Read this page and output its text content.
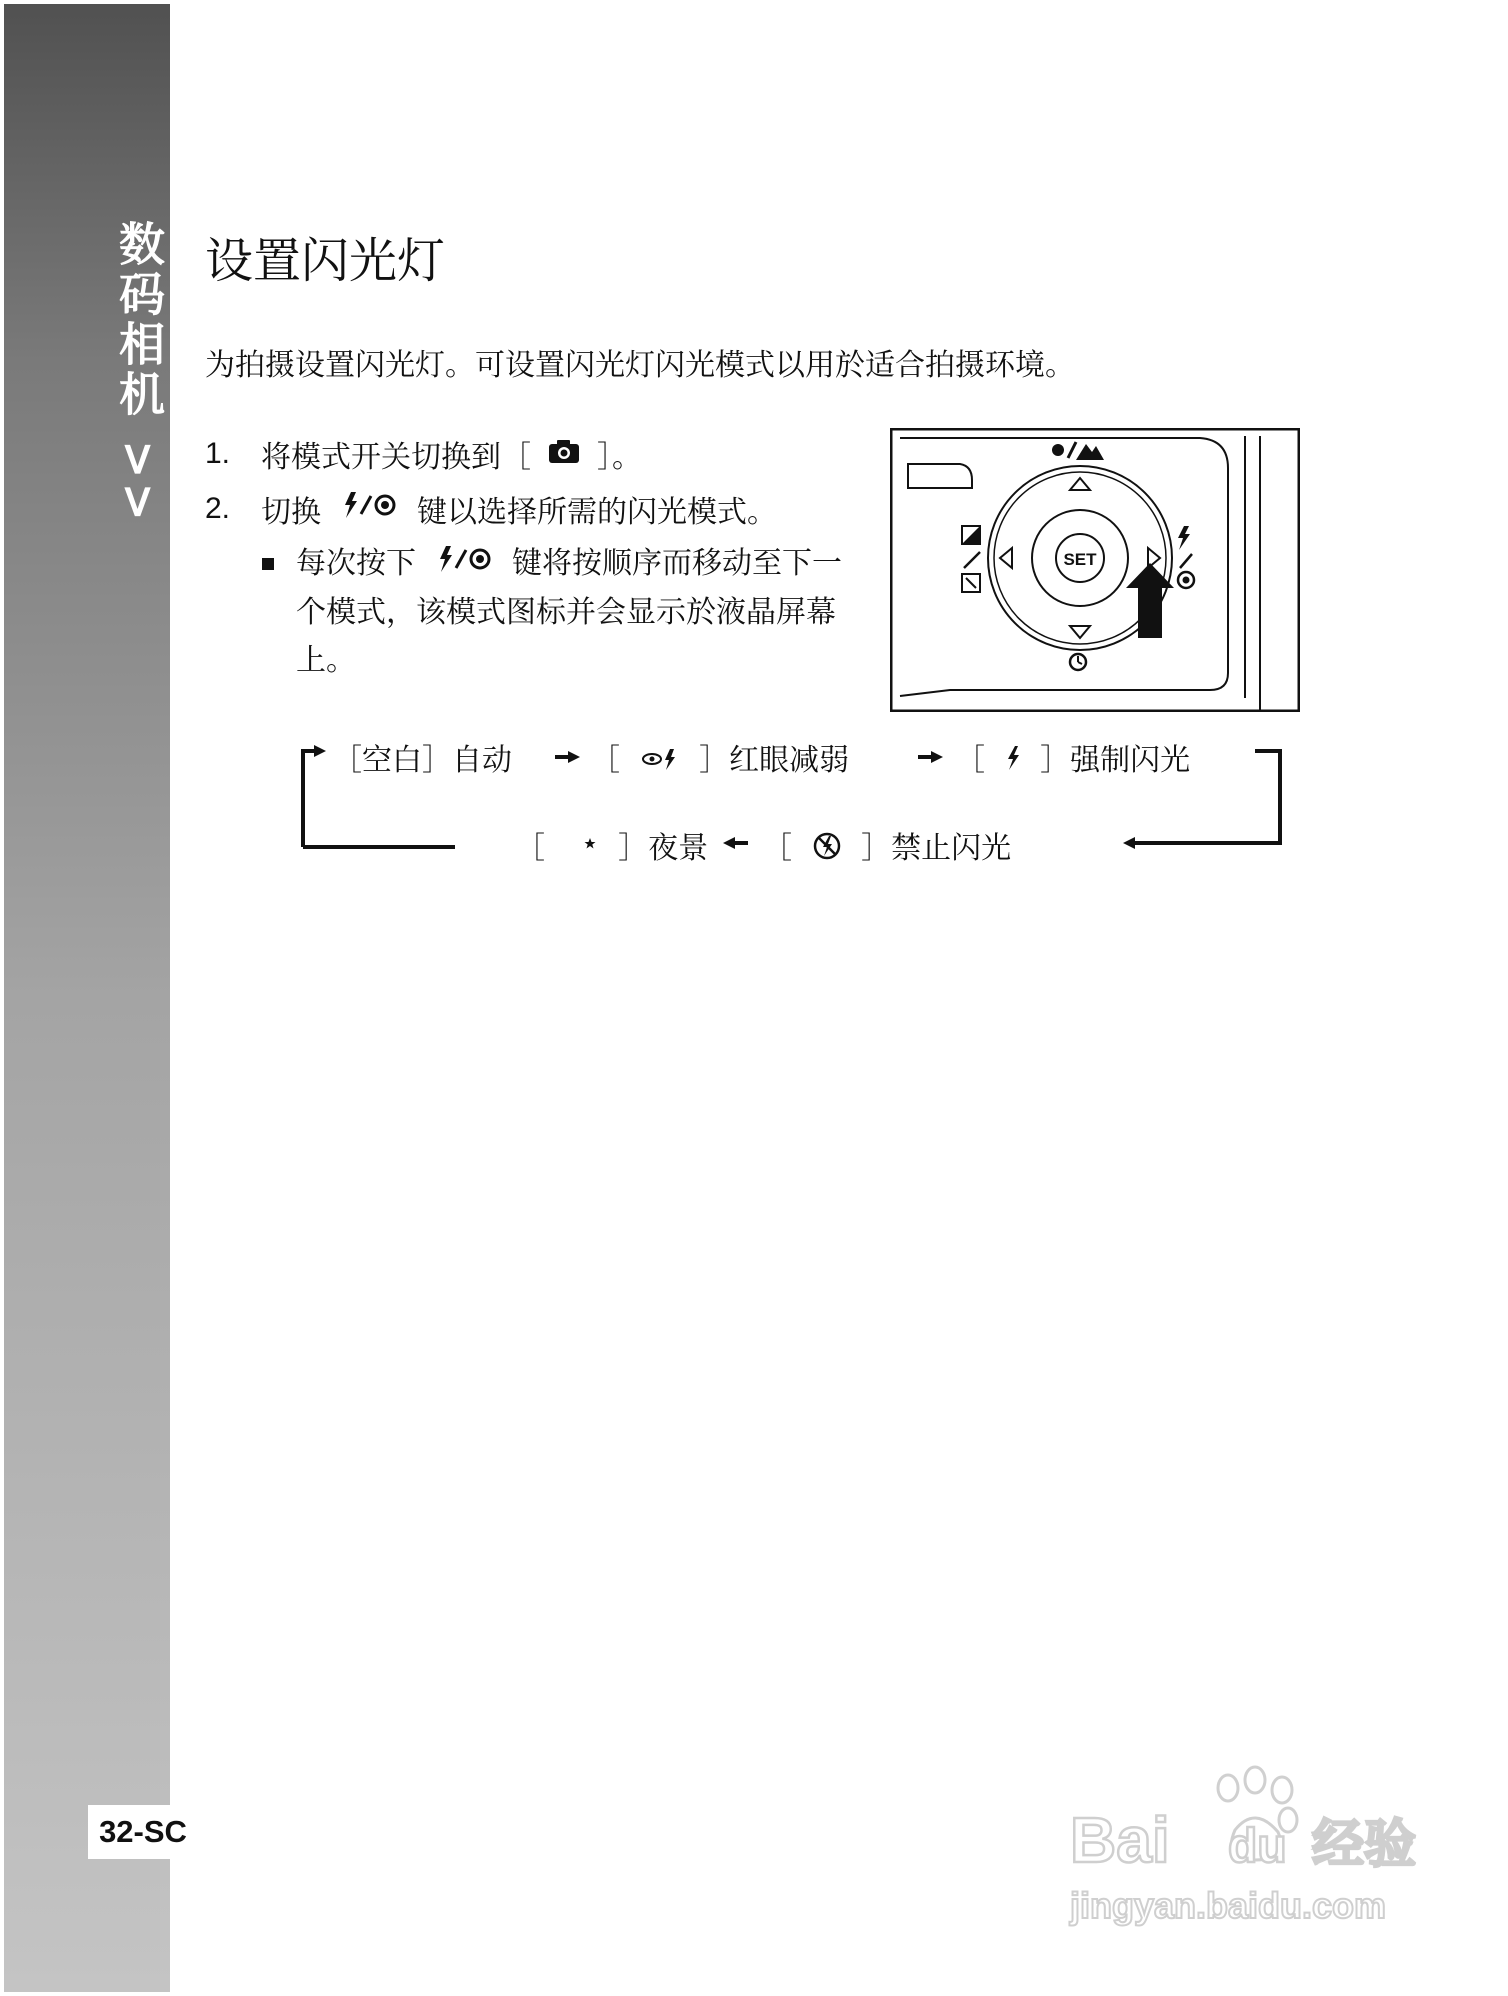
数码相机 >>
32-SC
设置闪光灯
为拍摄设置闪光灯。可设置闪光灯闪光模式以用於适合拍摄环境。
1.	将模式开关切换到［ ］。
2.	切换	键以选择所需的闪光模式。
每次按下	键将按顺序而移动至下一个模式，该模式图标并会显示於液晶屏幕上。
SET
［空白］自动	［	］红眼减弱	［ ］强制闪光
［ ］夜景 ［ ］禁止闪光
Bai du 经验
jingyan.baidu.com
